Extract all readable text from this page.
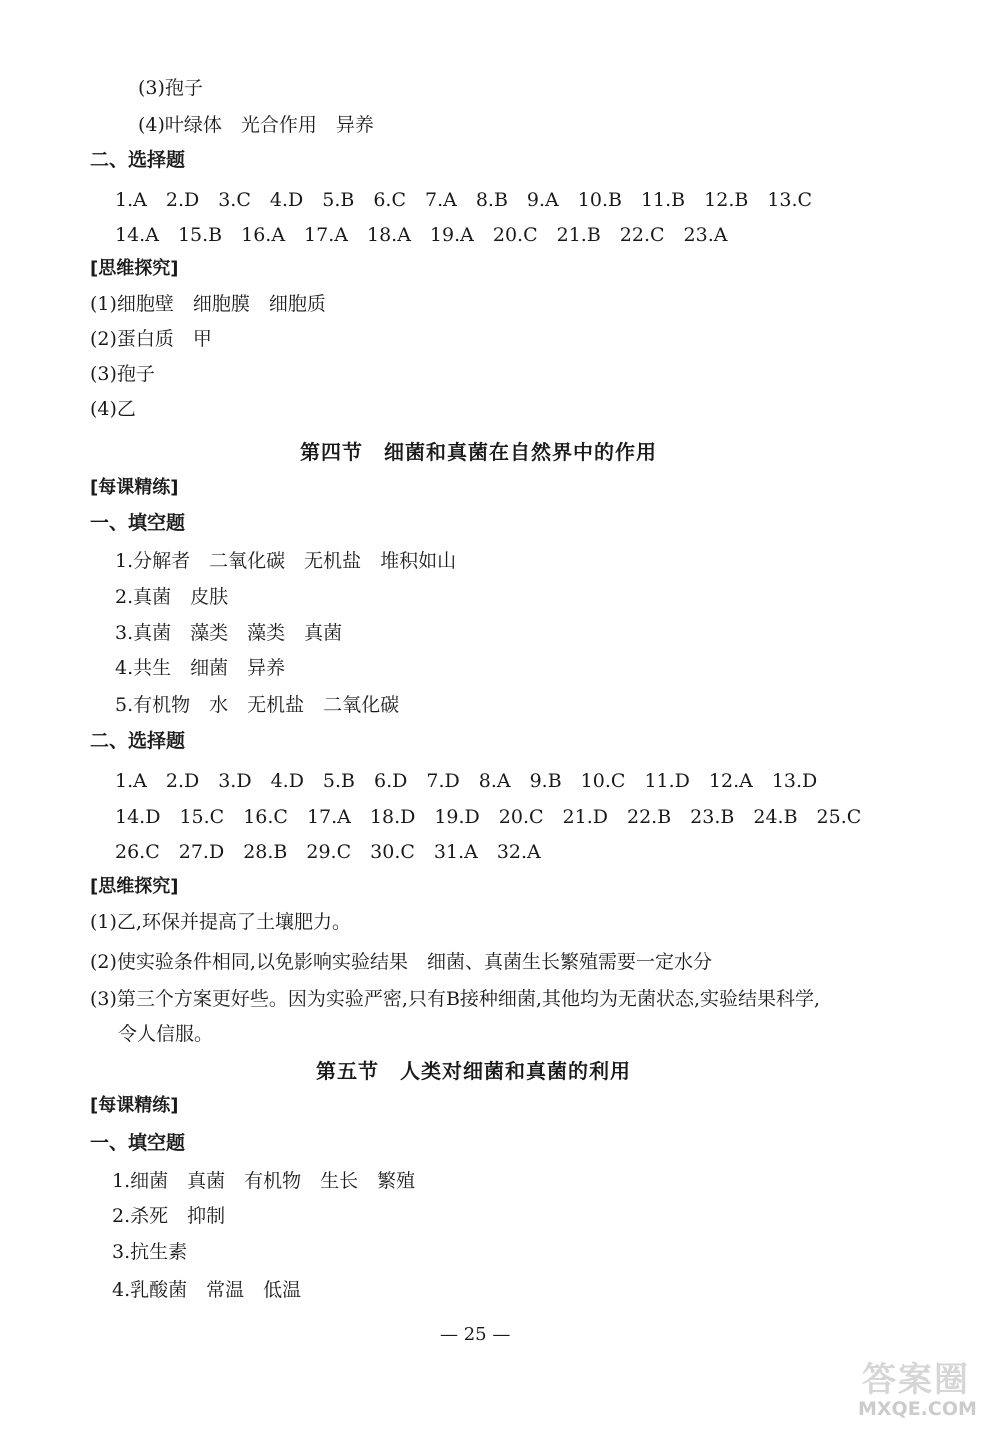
(3)孢子
(4)叶绿体　光合作用　异养
二、选择题
1.A　2.D　3.C　4.D　5.B　6.C　7.A　8.B　9.A　10.B　11.B　12.B　13.C
14.A　15.B　16.A　17.A　18.A　19.A　20.C　21.B　22.C　23.A
[思维探究]
(1)细胞壁　细胞膜　细胞质
(2)蛋白质　甲
(3)孢子
(4)乙
第四节　细菌和真菌在自然界中的作用
[每课精练]
一、填空题
1.分解者　二氧化碳　无机盐　堆积如山
2.真菌　皮肤
3.真菌　藻类　藻类　真菌
4.共生　细菌　异养
5.有机物　水　无机盐　二氧化碳
二、选择题
1.A　2.D　3.D　4.D　5.B　6.D　7.D　8.A　9.B　10.C　11.D　12.A　13.D
14.D　15.C　16.C　17.A　18.D　19.D　20.C　21.D　22.B　23.B　24.B　25.C
26.C　27.D　28.B　29.C　30.C　31.A　32.A
[思维探究]
(1)乙,环保并提高了土壤肥力。
(2)使实验条件相同,以免影响实验结果　细菌、真菌生长繁殖需要一定水分
(3)第三个方案更好些。因为实验严密,只有B接种细菌,其他均为无菌状态,实验结果科学,
令人信服。
第五节　人类对细菌和真菌的利用
[每课精练]
一、填空题
1.细菌　真菌　有机物　生长　繁殖
2.杀死　抑制
3.抗生素
4.乳酸菌　常温　低温
— 25 —
答案圈
MXQE.COM
